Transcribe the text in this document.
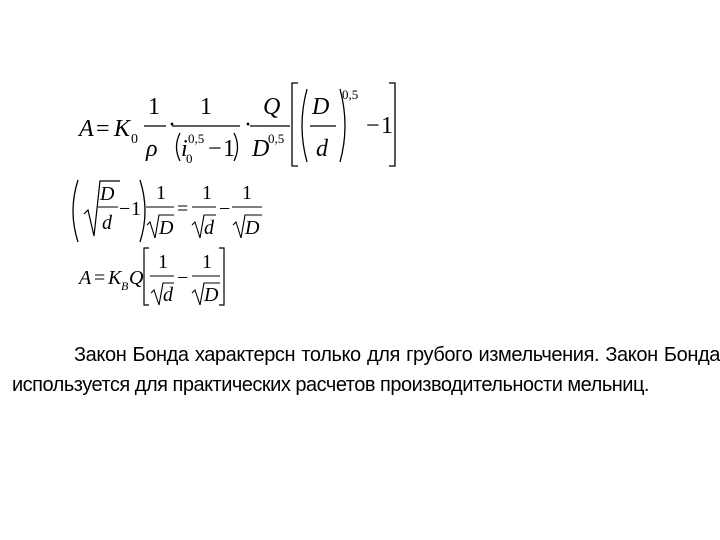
A = K 0
1
ρ
·
1
i 0,5
0 − 1
·
Q
D
0,5
D
d
0,5
− 1
D
d
− 1
1
D
=
1
d
−
1
D
A = K B Q
1
d
−
1
D
Закон Бонда характерсн только для грубого измельчения. Закон Бонда
используется для практических расчетов производительности мельниц.
